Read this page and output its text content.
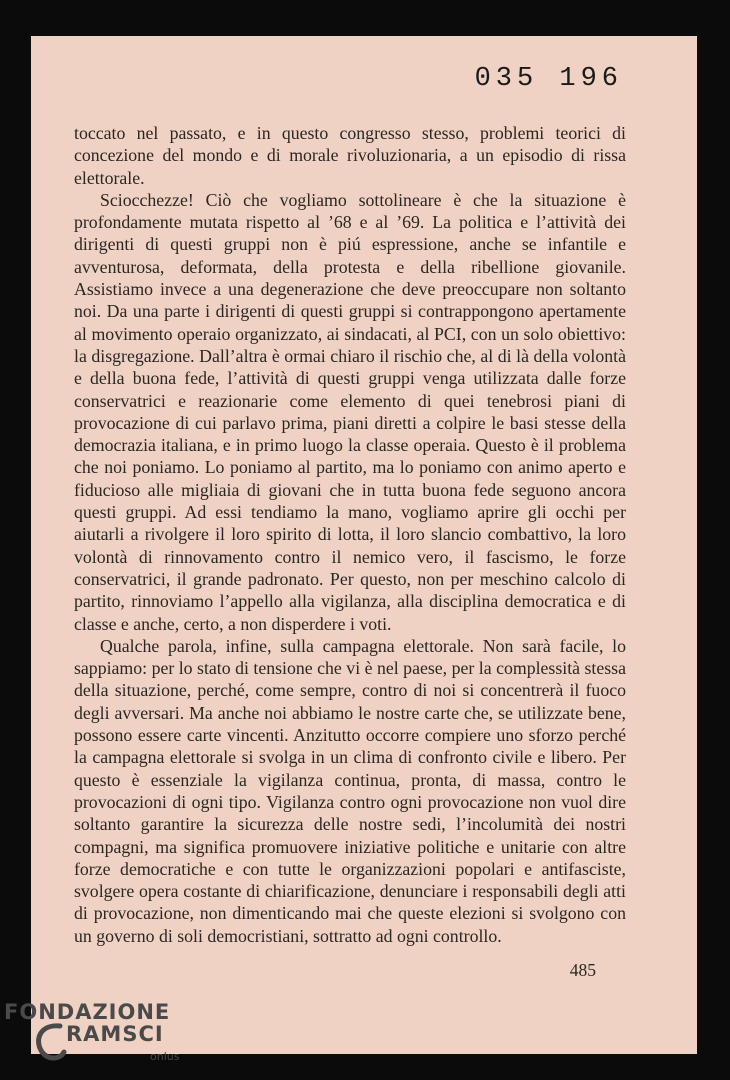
035 196

toccato nel passato, e in questo congresso stesso, problemi teorici di concezione del mondo e di morale rivoluzionaria, a un episodio di rissa elettorale.

Sciocchezze! Ciò che vogliamo sottolineare è che la situazione è profondamente mutata rispetto al ’68 e al ’69. La politica e l’attività dei dirigenti di questi gruppi non è piú espressione, anche se infantile e avventurosa, deformata, della protesta e della ribellione giovanile. Assistiamo invece a una degenerazione che deve preoccupare non soltanto noi. Da una parte i dirigenti di questi gruppi si contrappongono apertamente al movimento operaio organizzato, ai sindacati, al PCI, con un solo obiettivo: la disgregazione. Dall’altra è ormai chiaro il rischio che, al di là della volontà e della buona fede, l’attività di questi gruppi venga utilizzata dalle forze conservatrici e reazionarie come elemento di quei tenebrosi piani di provocazione di cui parlavo prima, piani diretti a colpire le basi stesse della democrazia italiana, e in primo luogo la classe operaia. Questo è il problema che noi poniamo. Lo poniamo al partito, ma lo poniamo con animo aperto e fiducioso alle migliaia di giovani che in tutta buona fede seguono ancora questi gruppi. Ad essi tendiamo la mano, vogliamo aprire gli occhi per aiutarli a rivolgere il loro spirito di lotta, il loro slancio combattivo, la loro volontà di rinnovamento contro il nemico vero, il fascismo, le forze conservatrici, il grande padronato. Per questo, non per meschino calcolo di partito, rinnoviamo l’appello alla vigilanza, alla disciplina democratica e di classe e anche, certo, a non disperdere i voti.

Qualche parola, infine, sulla campagna elettorale. Non sarà facile, lo sappiamo: per lo stato di tensione che vi è nel paese, per la complessità stessa della situazione, perché, come sempre, contro di noi si concentrerà il fuoco degli avversari. Ma anche noi abbiamo le nostre carte che, se utilizzate bene, possono essere carte vincenti. Anzitutto occorre compiere uno sforzo perché la campagna elettorale si svolga in un clima di confronto civile e libero. Per questo è essenziale la vigilanza continua, pronta, di massa, contro le provocazioni di ogni tipo. Vigilanza contro ogni provocazione non vuol dire soltanto garantire la sicurezza delle nostre sedi, l’incolumità dei nostri compagni, ma significa promuovere iniziative politiche e unitarie con altre forze democratiche e con tutte le organizzazioni popolari e antifasciste, svolgere opera costante di chiarificazione, denunciare i responsabili degli atti di provocazione, non dimenticando mai che queste elezioni si svolgono con un governo di soli democristiani, sottratto ad ogni controllo.

485
FONDAZIONE
RAMSCI
onlus
